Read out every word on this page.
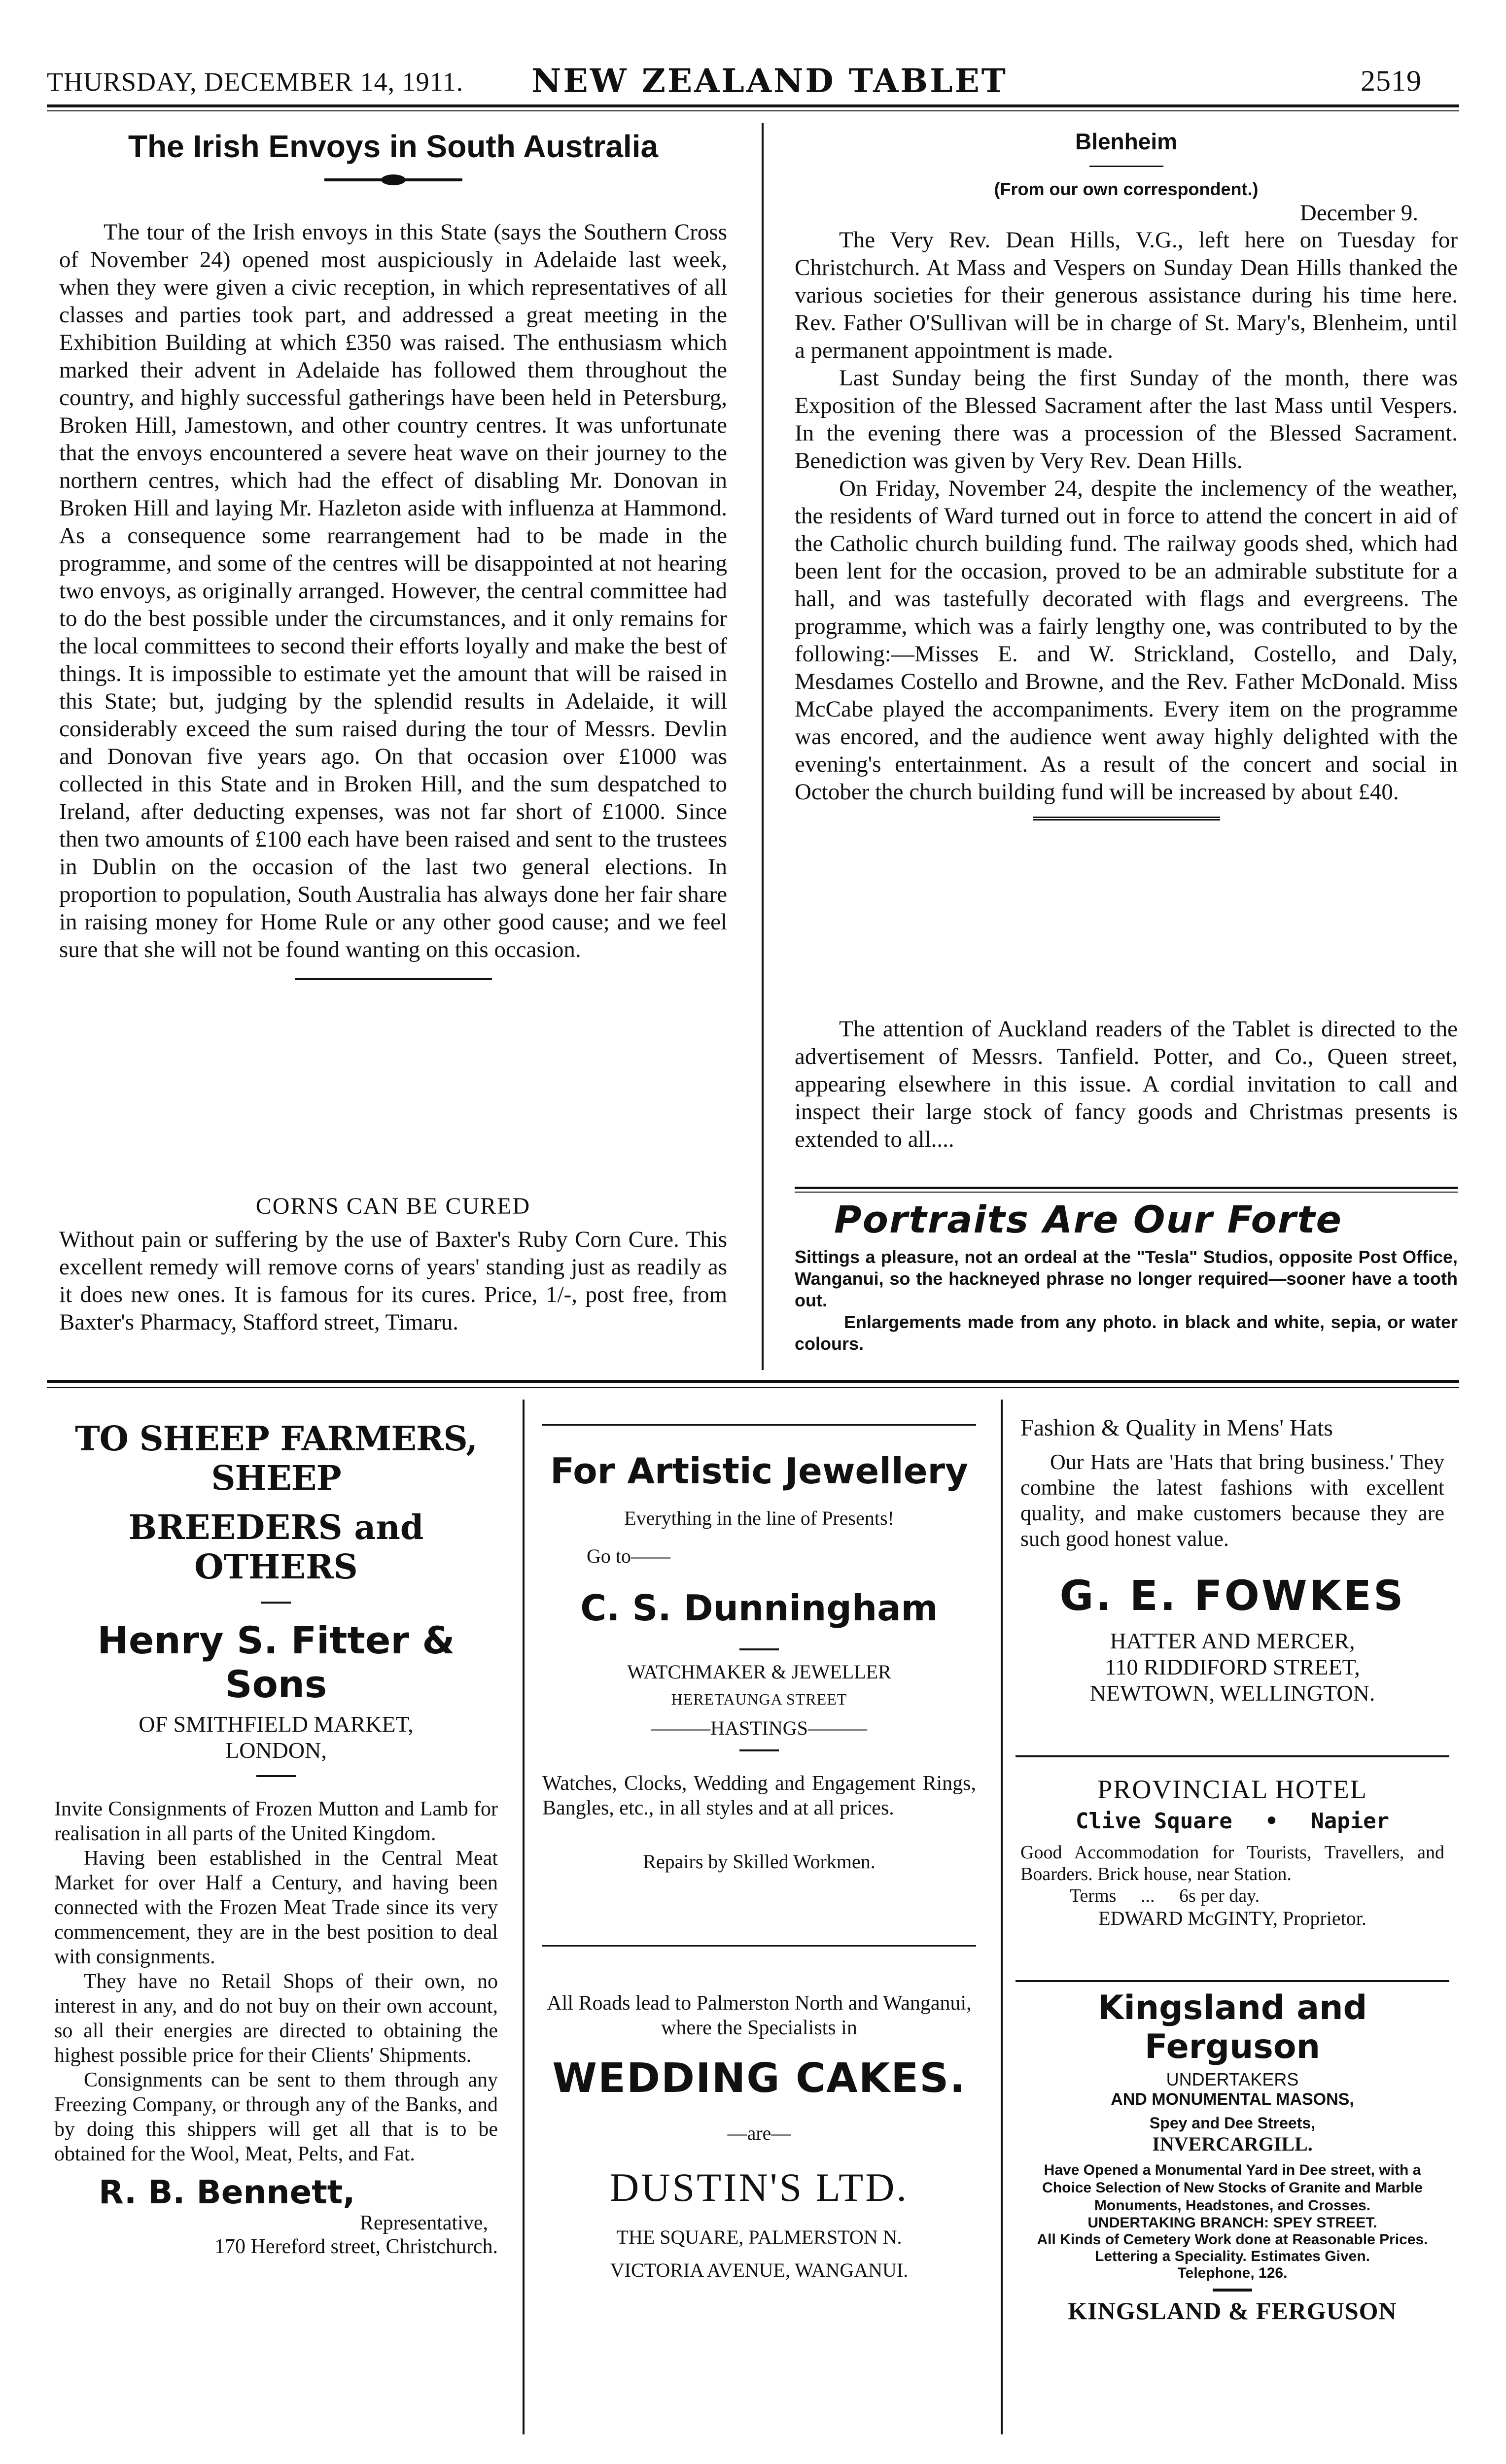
THURSDAY, DECEMBER 14, 1911. NEW ZEALAND TABLET	2519
The Irish Envoys in South Australia

The tour of the Irish envoys in this State (says the Southern Cross of November 24) opened most auspiciously in Adelaide last week, when they were given a civic reception, in which representatives of all classes and parties took part, and addressed a great meeting in the Exhibition Building at which £350 was raised. The enthusiasm which marked their advent in Adelaide has followed them throughout the country, and highly successful gatherings have been held in Petersburg, Broken Hill, Jamestown, and other country centres. It was unfortunate that the envoys encountered a severe heat wave on their journey to the northern centres, which had the effect of disabling Mr. Donovan in Broken Hill and laying Mr. Hazleton aside with influenza at Hammond. As a consequence some rearrangement had to be made in the programme, and some of the centres will be disappointed at not hearing two envoys, as originally arranged. However, the central committee had to do the best possible under the circumstances, and it only remains for the local committees to second their efforts loyally and make the best of things. It is impossible to estimate yet the amount that will be raised in this State; but, judging by the splendid results in Adelaide, it will considerably exceed the sum raised during the tour of Messrs. Devlin and Donovan five years ago. On that occasion over £1000 was collected in this State and in Broken Hill, and the sum despatched to Ireland, after deducting expenses, was not far short of £1000. Since then two amounts of £100 each have been raised and sent to the trustees in Dublin on the occasion of the last two general elections. In proportion to population, South Australia has always done her fair share in raising money for Home Rule or any other good cause; and we feel sure that she will not be found wanting on this occasion.

CORNS CAN BE CURED

Without pain or suffering by the use of Baxter's Ruby Corn Cure. This excellent remedy will remove corns of years' standing just as readily as it does new ones. It is famous for its cures. Price, 1/-, post free, from Baxter's Pharmacy, Stafford street, Timaru.

Blenheim
(From our own correspondent.)
December 9.

The Very Rev. Dean Hills, V.G., left here on Tuesday for Christchurch. At Mass and Vespers on Sunday Dean Hills thanked the various societies for their generous assistance during his time here. Rev. Father O'Sullivan will be in charge of St. Mary's, Blenheim, until a permanent appointment is made.

Last Sunday being the first Sunday of the month, there was Exposition of the Blessed Sacrament after the last Mass until Vespers. In the evening there was a procession of the Blessed Sacrament. Benediction was given by Very Rev. Dean Hills.

On Friday, November 24, despite the inclemency of the weather, the residents of Ward turned out in force to attend the concert in aid of the Catholic church building fund. The railway goods shed, which had been lent for the occasion, proved to be an admirable substitute for a hall, and was tastefully decorated with flags and evergreens. The programme, which was a fairly lengthy one, was contributed to by the following:—Misses E. and W. Strickland, Costello, and Daly, Mesdames Costello and Browne, and the Rev. Father McDonald. Miss McCabe played the accompaniments. Every item on the programme was encored, and the audience went away highly delighted with the evening's entertainment. As a result of the concert and social in October the church building fund will be increased by about £40.

The attention of Auckland readers of the Tablet is directed to the advertisement of Messrs. Tanfield. Potter, and Co., Queen street, appearing elsewhere in this issue. A cordial invitation to call and inspect their large stock of fancy goods and Christmas presents is extended to all....

Portraits Are Our Forte

Sittings a pleasure, not an ordeal at the "Tesla" Studios, opposite Post Office, Wanganui, so the hackneyed phrase no longer required—sooner have a tooth out.

Enlargements made from any photo. in black and white, sepia, or water colours.

TO SHEEP FARMERS, SHEEP
BREEDERS and OTHERS
Henry S. Fitter & Sons
OF SMITHFIELD MARKET,
LONDON,

Invite Consignments of Frozen Mutton and Lamb for realisation in all parts of the United Kingdom.

Having been established in the Central Meat Market for over Half a Century, and having been connected with the Frozen Meat Trade since its very commencement, they are in the best position to deal with consignments.

They have no Retail Shops of their own, no interest in any, and do not buy on their own account, so all their energies are directed to obtaining the highest possible price for their Clients' Shipments.

Consignments can be sent to them through any Freezing Company, or through any of the Banks, and by doing this shippers will get all that is to be obtained for the Wool, Meat, Pelts, and Fat.

R. B. Bennett,
Representative,
170 Hereford street, Christchurch.
For Artistic Jewellery
Everything in the line of Presents!
Go to——
C. S. Dunningham
WATCHMAKER & JEWELLER
HERETAUNGA STREET
———HASTINGS———

Watches, Clocks, Wedding and Engagement Rings, Bangles, etc., in all styles and at all prices.

Repairs by Skilled Workmen.

All Roads lead to Palmerston North and Wanganui, where the Specialists in

WEDDING CAKES.
—are—
DUSTIN'S LTD.
THE SQUARE, PALMERSTON N.
VICTORIA AVENUE, WANGANUI.
Fashion & Quality in Mens' Hats

Our Hats are 'Hats that bring business.' They combine the latest fashions with excellent quality, and make customers because they are such good honest value.

G. E. FOWKES
HATTER AND MERCER,
110 RIDDIFORD STREET,
NEWTOWN, WELLINGTON.
PROVINCIAL HOTEL
Clive Square • Napier

Good Accommodation for Tourists, Travellers, and Boarders. Brick house, near Station.

Terms ... 6s per day.
EDWARD McGINTY, Proprietor.
Kingsland and Ferguson
UNDERTAKERS
AND MONUMENTAL MASONS,
Spey and Dee Streets,
INVERCARGILL.

Have Opened a Monumental Yard in Dee street, with a Choice Selection of New Stocks of Granite and Marble Monuments, Headstones, and Crosses.

UNDERTAKING BRANCH: SPEY STREET.
All Kinds of Cemetery Work done at Reasonable Prices.
Lettering a Speciality. Estimates Given.
Telephone, 126.
KINGSLAND & FERGUSON
